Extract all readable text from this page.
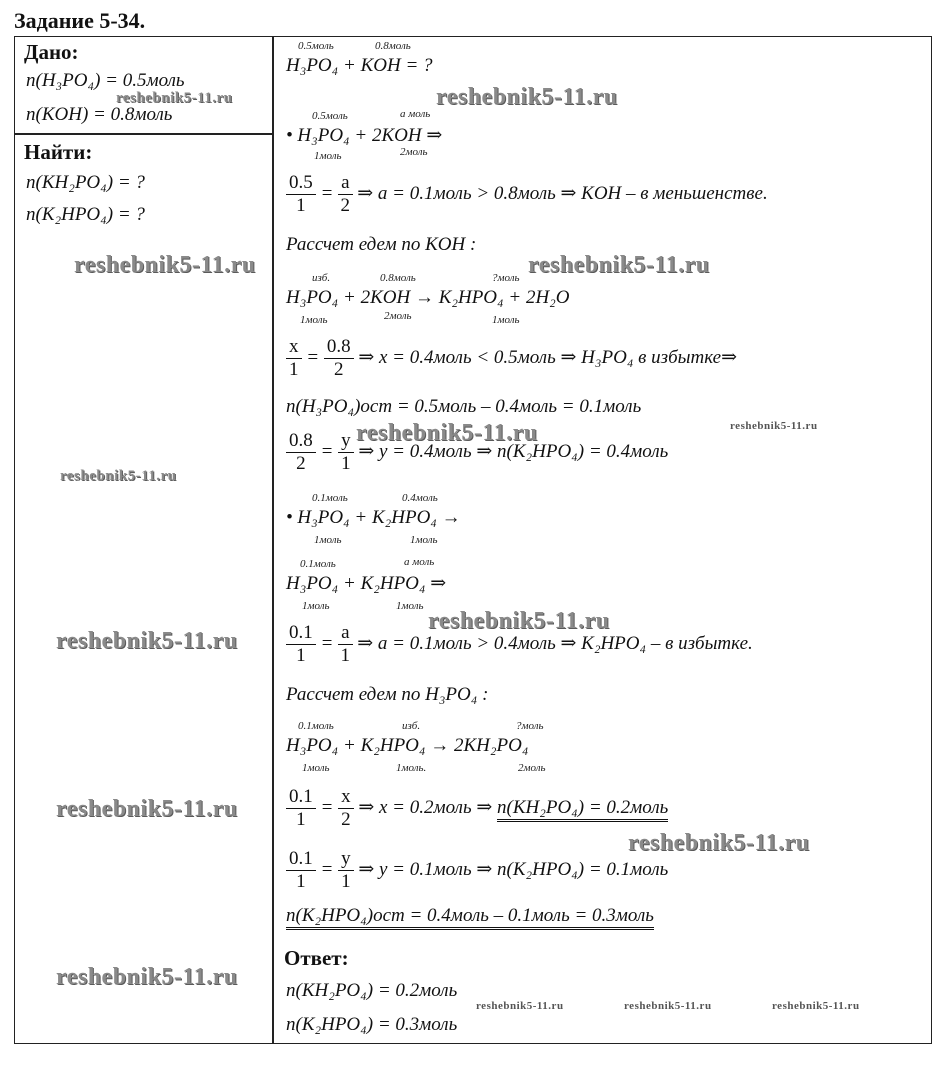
Задание 5-34.
Дано:
n(H₃PO₄) = 0.5моль
n(KOH) = 0.8моль
Найти:
n(KH₂PO₄) = ?
n(K₂HPO₄) = ?
0.5моль	0.8моль
H₃PO₄ + KOH = ?
0.5моль	а моль
• H₃PO₄ + 2KOH ⇒
1моль	2моль
$\frac{0.5}{1} = \frac{а}{2}$ ⇒ а = 0.1моль > 0.8моль ⇒ KOH – в меньшенстве.
Рассчет едем по KOH :
изб.	0.8моль	?моль
H₃PO₄ + 2KOH → K₂HPO₄ + 2H₂O
1моль	2моль	1моль
$\frac{x}{1} = \frac{0.8}{2}$ ⇒ x = 0.4моль < 0.5моль ⇒ H₃PO₄ в избытке⇒
n(H₃PO₄)ост = 0.5моль – 0.4моль = 0.1моль
$\frac{0.8}{2} = \frac{y}{1}$ ⇒ y = 0.4моль ⇒ n(K₂HPO₄) = 0.4моль
0.1моль	0.4моль
• H₃PO₄ + K₂HPO₄ →
1моль	1моль
0.1моль	а моль
H₃PO₄ + K₂HPO₄ ⇒
1моль	1моль
$\frac{0.1}{1} = \frac{а}{1}$ ⇒ а = 0.1моль > 0.4моль ⇒ K₂HPO₄ – в избытке.
Рассчет едем по H₃PO₄ :
0.1моль	изб.	?моль
H₃PO₄ + K₂HPO₄ → 2KH₂PO₄
1моль	1моль.	2моль
$\frac{0.1}{1} = \frac{x}{2}$ ⇒ x = 0.2моль ⇒ n(KH₂PO₄) = 0.2моль
$\frac{0.1}{1} = \frac{y}{1}$ ⇒ y = 0.1моль ⇒ n(K₂HPO₄) = 0.1моль
n(K₂HPO₄)ост = 0.4моль – 0.1моль = 0.3моль
Ответ:
n(KH₂PO₄) = 0.2моль
n(K₂HPO₄) = 0.3моль
reshebnik5-11.ru	reshebnik5-11.ru
reshebnik5-11.ru	reshebnik5-11.ru
reshebnik5-11.ru	reshebnik5-11.ru
reshebnik5-11.ru
reshebnik5-11.ru
reshebnik5-11.ru
reshebnik5-11.ru
reshebnik5-11.ru
reshebnik5-11.ru
reshebnik5-11.ru	reshebnik5-11.ru	reshebnik5-11.ru
